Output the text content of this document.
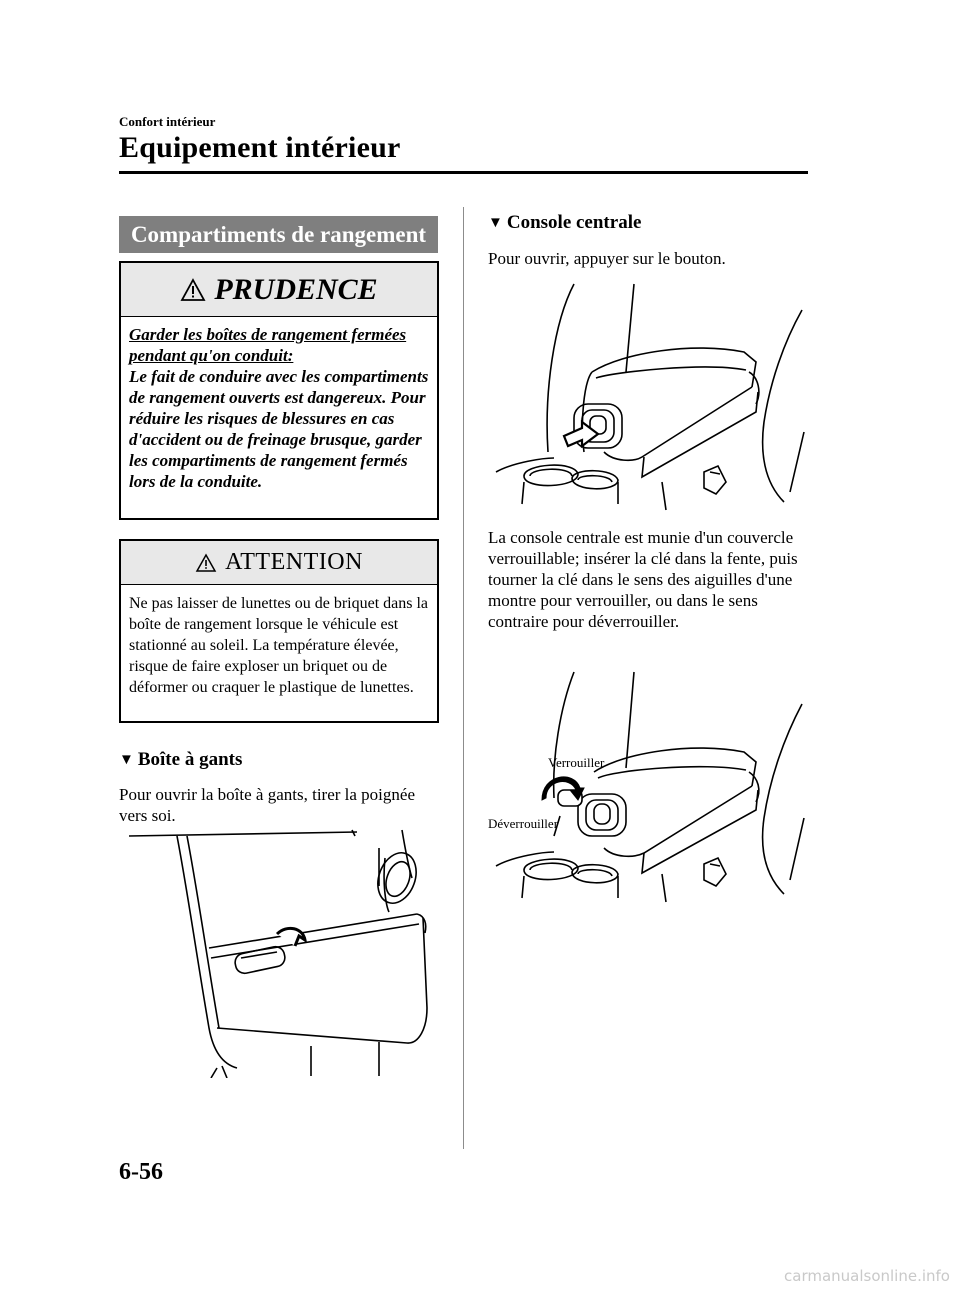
Confort intérieur
Equipement intérieur
Compartiments de rangement
PRUDENCE
Garder les boîtes de rangement fermées pendant qu'on conduit:
Le fait de conduire avec les compartiments de rangement ouverts est dangereux. Pour réduire les risques de blessures en cas d'accident ou de freinage brusque, garder les compartiments de rangement fermés lors de la conduite.
ATTENTION
Ne pas laisser de lunettes ou de briquet dans la boîte de rangement lorsque le véhicule est stationné au soleil. La température élevée, risque de faire exploser un briquet ou de déformer ou craquer le plastique de lunettes.
▼ Boîte à gants
Pour ouvrir la boîte à gants, tirer la poignée vers soi.
▼ Console centrale
Pour ouvrir, appuyer sur le bouton.
La console centrale est munie d'un couvercle verrouillable; insérer la clé dans la fente, puis tourner la clé dans le sens des aiguilles d'une montre pour verrouiller, ou dans le sens contraire pour déverrouiller.
Verrouiller
Déverrouiller
6-56
carmanualsonline.info
